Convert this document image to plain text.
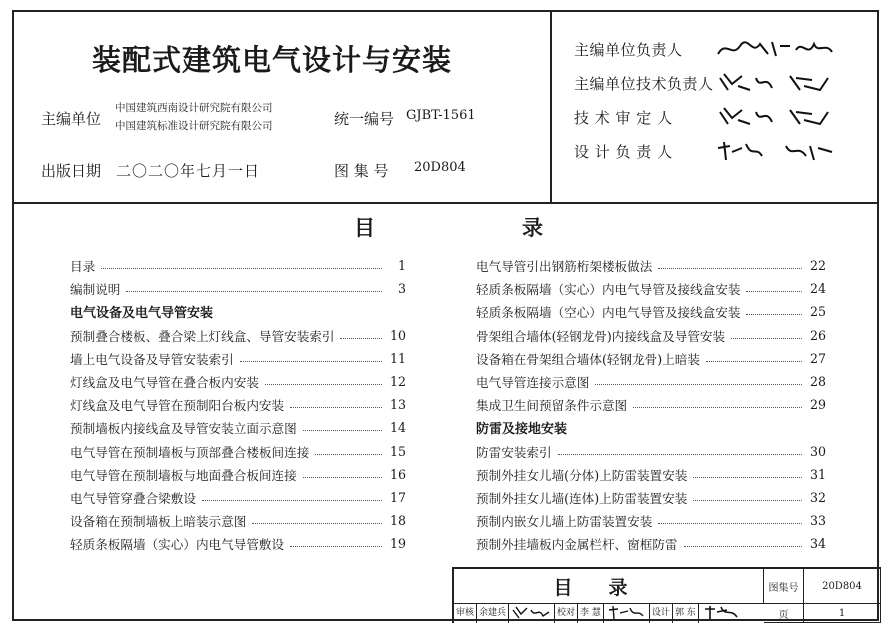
装配式建筑电气设计与安装
主编单位
中国建筑西南设计研究院有限公司
中国建筑标准设计研究院有限公司	统一编号 GJBT-1561
出版日期 二〇二〇年七月一日	图 集 号 20D804
主编单位负责人
主编单位技术负责人
技 术 审 定 人
设 计 负 责 人
目	录
目录	1
编制说明	3
电气设备及电气导管安装
预制叠合楼板、叠合梁上灯线盒、导管安装索引	10
墙上电气设备及导管安装索引	11
灯线盒及电气导管在叠合板内安装	12
灯线盒及电气导管在预制阳台板内安装	13
预制墙板内接线盒及导管安装立面示意图	14
电气导管在预制墙板与顶部叠合楼板间连接	15
电气导管在预制墙板与地面叠合板间连接	16
电气导管穿叠合梁敷设	17
设备箱在预制墙板上暗装示意图	18
轻质条板隔墙（实心）内电气导管敷设	19
电气导管引出钢筋桁架楼板做法	22
轻质条板隔墙（实心）内电气导管及接线盒安装	24
轻质条板隔墙（空心）内电气导管及接线盒安装	25
骨架组合墙体(轻钢龙骨)内接线盒及导管安装	26
设备箱在骨架组合墙体(轻钢龙骨)上暗装	27
电气导管连接示意图	28
集成卫生间预留条件示意图	29
防雷及接地安装
防雷安装索引	30
预制外挂女儿墙(分体)上防雷装置安装	31
预制外挂女儿墙(连体)上防雷装置安装	32
预制内嵌女儿墙上防雷装置安装	33
预制外挂墙板内金属栏杆、窗框防雷	34
目录	图集号	20D804
页	1
审核 余建兵	校对 李 慧	设计 郭 东
